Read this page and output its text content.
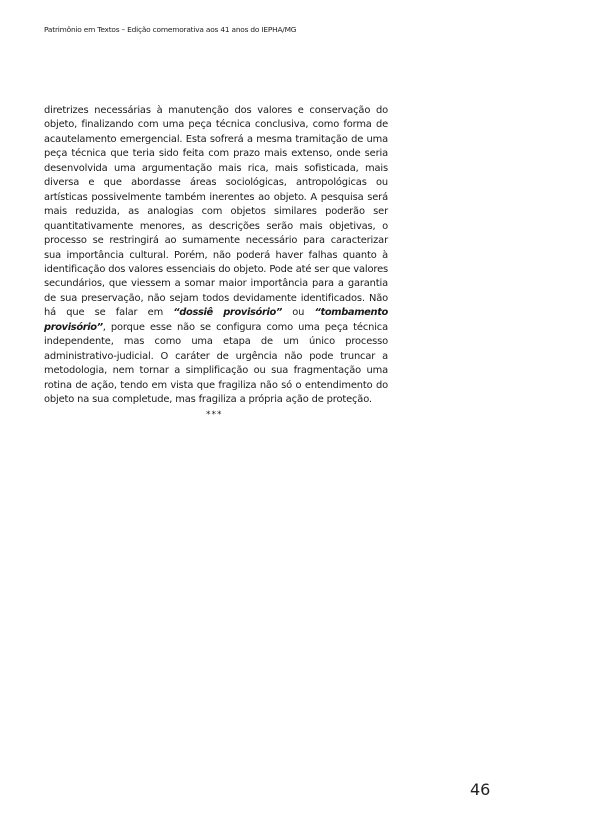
Patrimônio em Textos – Edição comemorativa aos 41 anos do IEPHA/MG

diretrizes necessárias à manutenção dos valores e conservação do objeto, finalizando com uma peça técnica conclusiva, como forma de acautelamento emergencial. Esta sofrerá a mesma tramitação de uma peça técnica que teria sido feita com prazo mais extenso, onde seria desenvolvida uma argumentação mais rica, mais sofisticada, mais diversa e que abordasse áreas sociológicas, antropológicas ou artísticas possivelmente também inerentes ao objeto. A pesquisa será mais reduzida, as analogias com objetos similares poderão ser quantitativamente menores, as descrições serão mais objetivas, o processo se restringirá ao sumamente necessário para caracterizar sua importância cultural. Porém, não poderá haver falhas quanto à identificação dos valores essenciais do objeto. Pode até ser que valores secundários, que viessem a somar maior importância para a garantia de sua preservação, não sejam todos devidamente identificados. Não há que se falar em “dossiê provisório” ou “tombamento provisório”, porque esse não se configura como uma peça técnica independente, mas como uma etapa de um único processo administrativo-judicial. O caráter de urgência não pode truncar a metodologia, nem tornar a simplificação ou sua fragmentação uma rotina de ação, tendo em vista que fragiliza não só o entendimento do objeto na sua completude, mas fragiliza a própria ação de proteção.

***
46
